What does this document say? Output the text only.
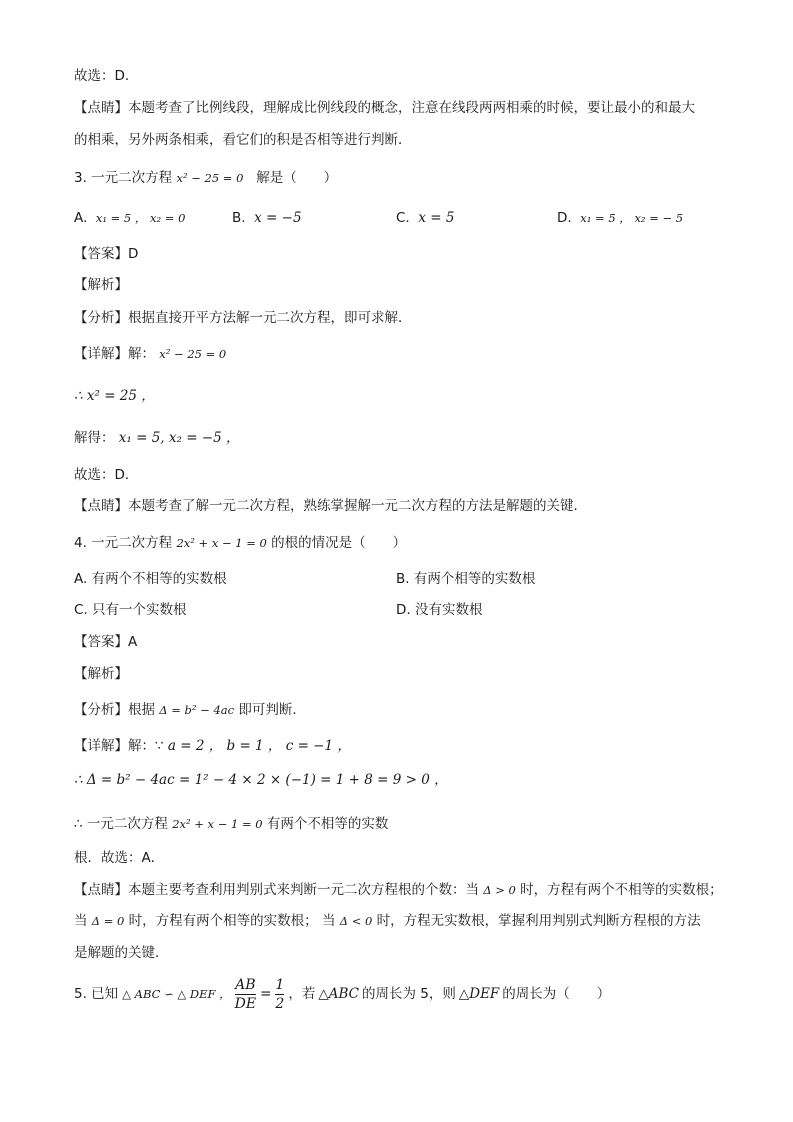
故选：D．
【点睛】本题考查了比例线段，理解成比例线段的概念，注意在线段两两相乘的时候，要让最小的和最大
的相乘，另外两条相乘，看它们的积是否相等进行判断．
3. 一元二次方程 x² − 25 = 0 解是（　　）
A. x₁ = 5 ， x₂ = 0	B. x = −5	C. x = 5	D. x₁ = 5 ， x₂ = − 5
【答案】D
【解析】
【分析】根据直接开平方法解一元二次方程，即可求解．
【详解】解： x² − 25 = 0
∴ x² = 25 ，
解得： x₁ = 5, x₂ = −5 ，
故选：D．
【点睛】本题考查了解一元二次方程，熟练掌握解一元二次方程的方法是解题的关键．
4. 一元二次方程 2x² + x − 1 = 0 的根的情况是（　　）
A. 有两个不相等的实数根	B. 有两个相等的实数根
C. 只有一个实数根	D. 没有实数根
【答案】A
【解析】
【分析】根据 Δ = b² − 4ac 即可判断．
【详解】解：∵ a = 2 ， b = 1 ， c = −1 ，
∴ Δ = b² − 4ac = 1² − 4 × 2 × (−1) = 1 + 8 = 9 > 0 ，
∴ 一元二次方程 2x² + x − 1 = 0 有两个不相等的实数
根．故选：A．
【点睛】本题主要考查利用判别式来判断一元二次方程根的个数：当 Δ > 0 时，方程有两个不相等的实数根；
当 Δ = 0 时，方程有两个相等的实数根； 当 Δ < 0 时，方程无实数根，掌握利用判别式判断方程根的方法
是解题的关键．
5. 已知 △ ABC ∽ △ DEF ， $\frac{AB}{DE} = \frac{1}{2}$ ，若 △ABC 的周长为 5，则 △DEF 的周长为（　　）
